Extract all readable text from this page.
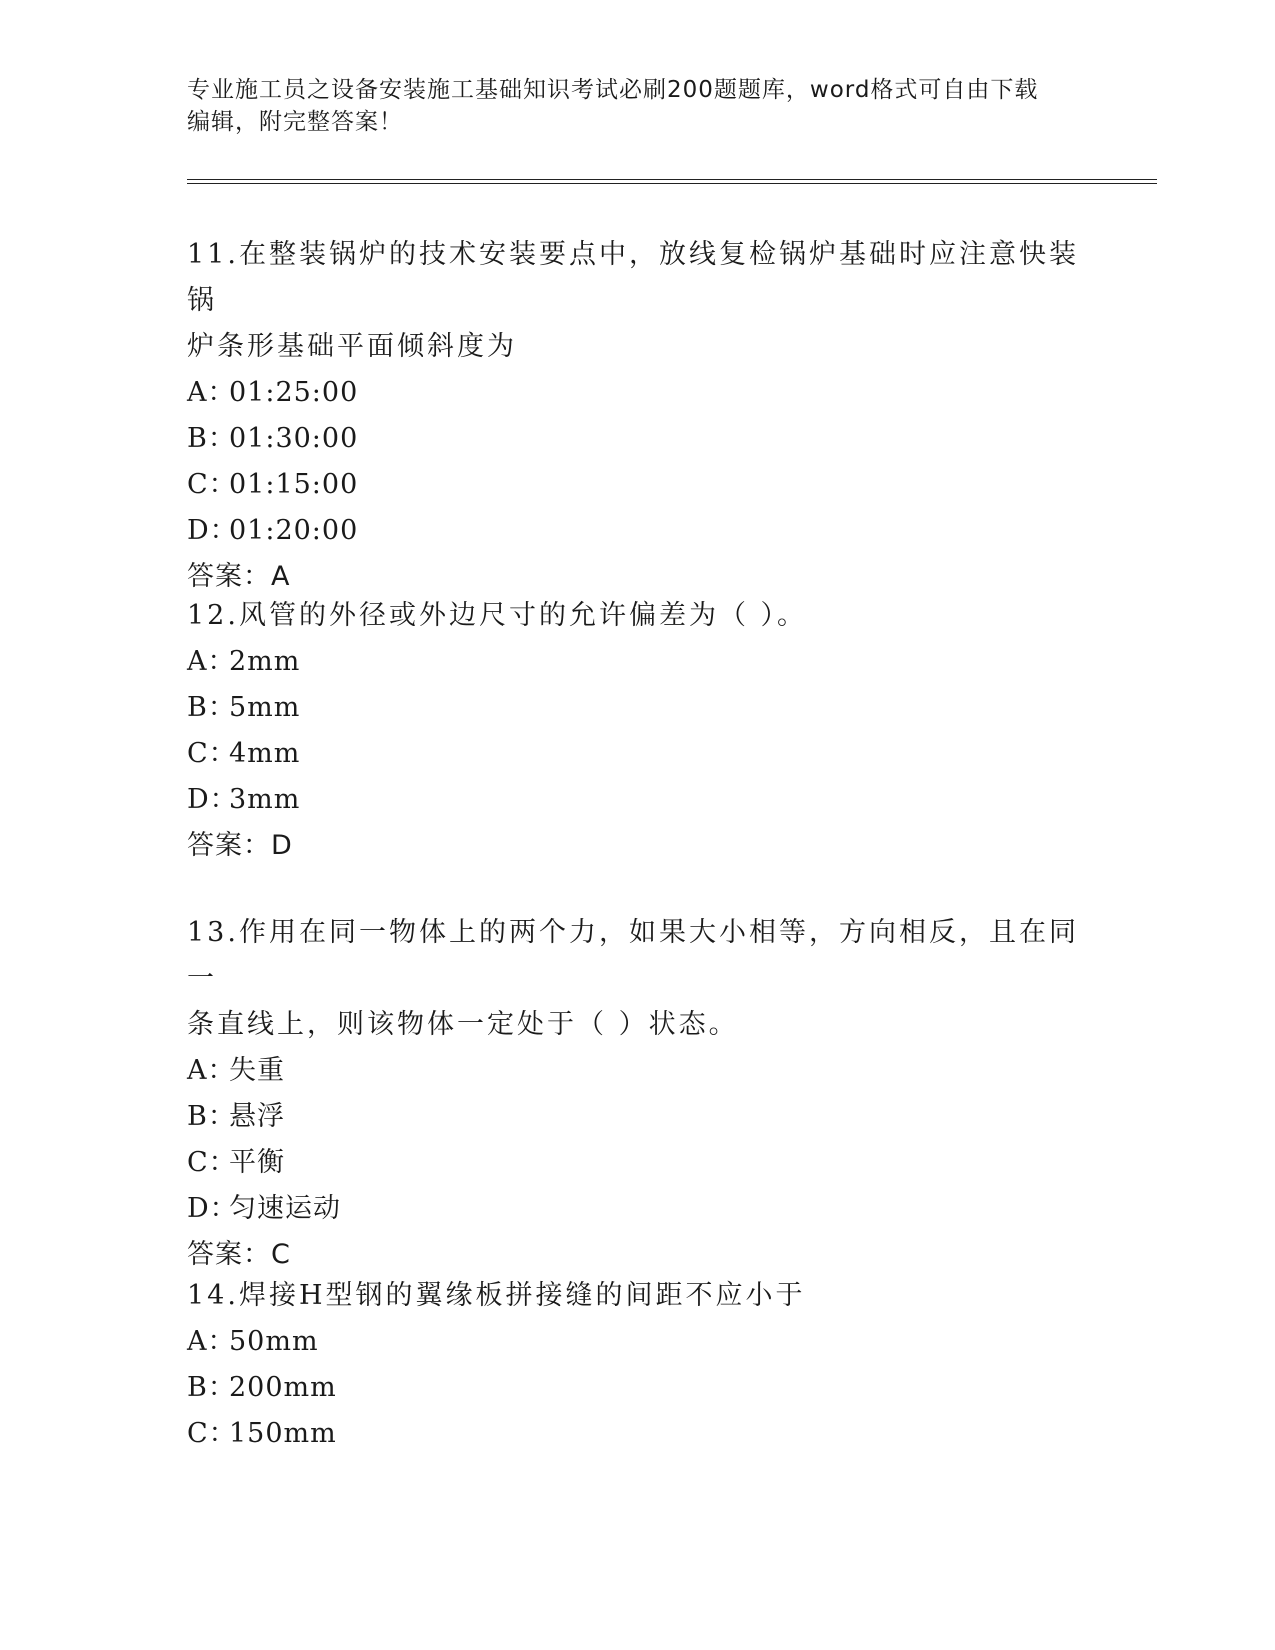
专业施工员之设备安装施工基础知识考试必刷200题题库，word格式可自由下载
编辑，附完整答案！

11.在整装锅炉的技术安装要点中，放线复检锅炉基础时应注意快装锅

炉条形基础平面倾斜度为

A：01:25:00

B：01:30:00

C：01:15:00

D：01:20:00

答案：A

12.风管的外径或外边尺寸的允许偏差为（ ）。

A：2mm

B：5mm

C：4mm

D：3mm

答案：D

13.作用在同一物体上的两个力，如果大小相等，方向相反，且在同一

条直线上，则该物体一定处于（ ）状态。

A：失重

B：悬浮

C：平衡

D：匀速运动

答案：C

14.焊接H型钢的翼缘板拼接缝的间距不应小于

A：50mm

B：200mm

C：150mm
